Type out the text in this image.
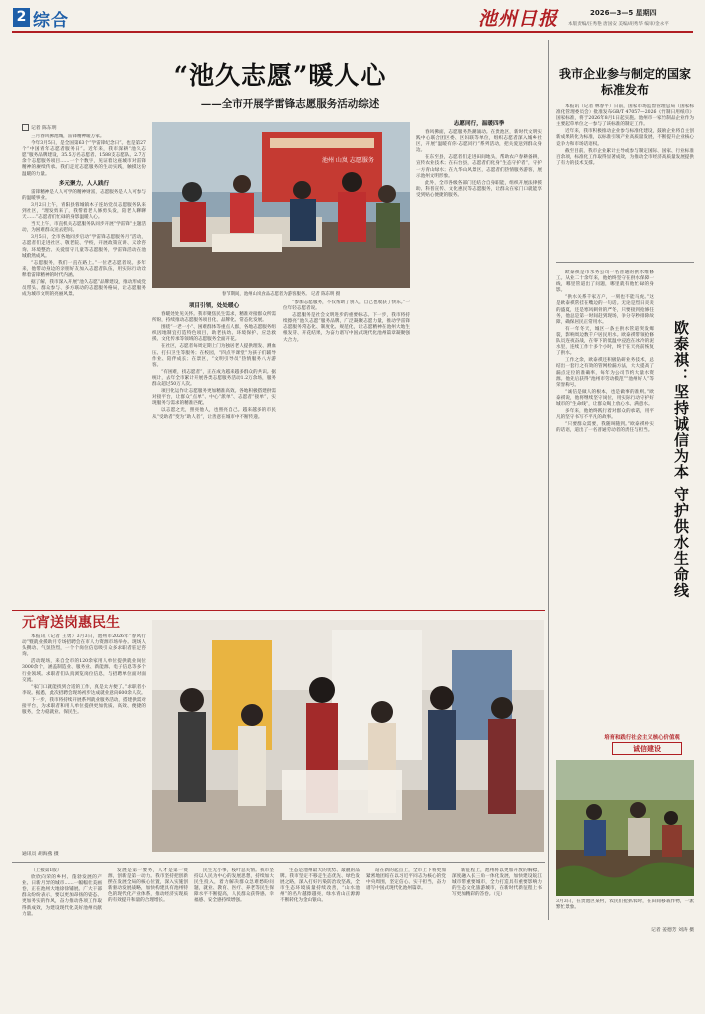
2 综合	池州日报	2026—3—5 星期四
本版责编/汪秀艳 唐国安 美编/胡秀华 编审/金永平
“池久志愿”暖人心
——全市开展学雷锋志愿服务活动综述
记者 陈东明

三月春风拂池城，雷锋精神暖万家。

今年3月5日，是全国第63个“学雷锋纪念日”。也是第27个“中国青年志愿者服务日”。近年来，我市深耕“池久志愿”服务品牌建设，35.5万名志愿者、1588支志愿队、2.7万余个志愿服务项目……一个个数字，见证着这座城市对雷锋精神的赓续传承。我们走近志愿服务的生动实践，触摸这份温暖的力量。

多元聚力，人人践行

雷锋精神是人人可学的精神财富，志愿服务是人人可参与的温暖事业。

3月2日上午，青阳县蓉城镇木子连坊党员志愿服务队来到社区，“理发剪来了，我帮着老人修剪头发，陪老人聊聊天……”志愿者们忙碌的身影温暖人心。

当天上午，市直机关志愿服务队同步开展“学雷锋”主题活动，为困难群众送去慰问。

3月5日，全市各地同步启动“学雷锋志愿服务月”活动，志愿者们走进社区、敬老院、学校，开展政策宣讲、义诊咨询、环境整治、关爱留守儿童等志愿服务，学雷锋活动在池城蔚然成风。

“志愿服务，我们一直在路上。”一位老志愿者说。多年来，他带动身边的亲朋好友加入志愿者队伍，用实际行动诠释着雷锋精神的时代内涵。

据了解，我市深入开展“池久志愿”品牌建设，推动形成党员带头、群众参与、多方联动的志愿服务格局，让志愿服务成为城市文明的亮丽风景。

池州 山岚 志愿服务
春节期间，池州山岚食品志愿者为游客服务。 记者 陈东明 摄
项目引领，处处暖心

春暖处处见关怀。我市聚焦民生需求，精准对接群众所需所盼，持续推动志愿服务项目化、品牌化、常态化发展。

围绕“一老一小”、困难群体等重点人群，各地志愿服务组织因地制宜打造特色项目，助老扶幼、环境保护、应急救援、文化传承等领域的志愿服务全面开花。

在社区，志愿者每周定期上门为独居老人提供理发、测血压、打扫卫生等服务；在校园，“四点半课堂”为孩子们辅导作业、陪伴成长；在景区，“文明引导员”热情服务八方游客。

“有困难，找志愿者”，正在成为越来越多群众的共识。据统计，去年全市累计开展各类志愿服务活动1.2万余场，服务群众超过50万人次。

项目化运作让志愿服务更加精准高效。各地积极搭建供需对接平台，让群众“点单”、中心“派单”、志愿者“接单”，实现服务与需求的精准匹配。

以志愿之光，照亮他人，也照亮自己。越来越多的市民从“受助者”变为“助人者”，让善意在城市中不断传递。

“参加志愿服务，不仅帮助了别人，自己也收获了快乐。”一位年轻志愿者说。

志愿服务是社会文明进步的重要标志。下一步，我市将持续擦亮“池久志愿”服务品牌，广泛凝聚志愿力量，推动学雷锋志愿服务常态化、制度化、规范化，让志愿精神在池州大地生根发芽、开花结果，为奋力谱写中国式现代化池州篇章凝聚强大合力。

志愿同行，温暖四季

春风拂面，志愿服务热潮涌动。在贵池区，新时代文明实践中心联合团区委、区妇联等单位，组织志愿者深入城乡社区，开展“温暖有你·志愿同行”系列活动，把关爱送到群众身边。

在东至县，志愿者们走进田间地头，帮助农户春耕备耕，宣传农业技术；在石台县，志愿者们化身“生态守护者”，守护一方青山绿水；在九华山风景区，志愿者们热情服务游客，展示池州文明形象。

此外，全市各级各部门还结合自身职能，组织开展法律援助、科普宣传、文化惠民等志愿服务，让群众在家门口就能享受到贴心便捷的服务。

我市企业参与制定的国家标准发布

本报讯（记者 林春平）日前，国家市场监督管理总局（国家标准化管理委员会）批准发布GB/T 47057—2026《竹制日用纸巾》国家标准，将于2026年8月1日起实施。池州市一家竹制品企业作为主要起草单位之一参与了该标准的制定工作。

近年来，我市积极推动企业参与标准化建设，鼓励企业将自主创新成果转化为标准，以标准引领产业高质量发展，不断提升企业核心竞争力和市场话语权。

截至目前，我市企业累计主导或参与制定国际、国家、行业标准百余项，标准化工作取得显著成效，为推动全市经济高质量发展提供了有力的技术支撑。

欧泰祺是市水务公司一名普通的供水维修工。从业二十余年来，他始终坚守在供水保障一线，哪里管道出了问题，哪里就有他忙碌的身影。

“供水关系千家万户，一刻也不能马虎。”这是欧泰祺常挂在嘴边的一句话。无论是烈日炎炎的盛夏，还是寒风刺骨的严冬，只要接到抢修任务，他总是第一时间赶到现场，争分夺秒排除故障，确保居民正常用水。

有一年冬天，城区一条主供水管道突发爆裂，影响周边数千户居民用水。欧泰祺带领抢修队员连夜奋战，在零下的低温中浸泡在冰冷的泥水里，连续工作十多个小时，终于在天亮前恢复了供水。

工作之余，欧泰祺还积极钻研业务技术，总结出一套行之有效的管网检漏方法，大大提高了漏点定位的准确率，每年为公司节约大量水资源。他先后获得“池州市劳动模范”“池州好人”等荣誉称号。

“诚信是做人的根本，也是做事的准则。”欧泰祺说，他将继续坚守岗位，用实际行动守护好城市的“生命线”，让群众喝上放心水、满意水。

多年来，他始终践行着对群众的承诺，用平凡的坚守书写不平凡的故事。

“只要群众需要，我随叫随到。”欧泰祺朴实的话语，道出了一名普通劳动者的责任与担当。	欧泰祺：坚持诚信为本 守护供水生命线
培育和践行社会主义核心价值观
诚信建设
3月3日，在贵池区某村，农民们抢抓农时，在田间移栽作物，一派繁忙景象。
记者 姜德芳 刘涛 摄
元宵送岗惠民生

本报讯（记者 王勇）3月3日，池州市2026年“春风行动”暨就业援助月专场招聘会在市人力资源市场举办。现场人头攒动、气氛热烈，一个个岗位信息吸引众多求职者驻足咨询。

活动现场，来自全市的120余家用人单位提供就业岗位3000余个，涵盖制造业、服务业、新能源、电子信息等多个行业领域。求职者们认真浏览岗位信息，与招聘单位面对面交流。

“家门口就能找到合适的工作，真是太方便了。”求职者小李说。据悉，此次招聘会现场初步达成就业意向600余人次。

下一步，我市将持续开展系列就业服务活动，搭建供需对接平台，为求职者和用人单位提供更加优质、高效、便捷的服务，全力稳就业、保民生。

通讯员 胡海燕 摄

（上接第1版）

欣欣向荣的乡村、蓬勃发展的产业、日新月异的城市……一幅幅壮美画卷，正在池州大地徐徐铺展。广大干部群众纷纷表示，要以更加昂扬的姿态、更加务实的作风，奋力推动各项工作取得新成效，为建设现代化美好池州贡献力量。

发展是第一要务，人才是第一资源，创新是第一动力。我市坚持把创新摆在发展全局的核心位置，深入实施创新驱动发展战略，加快构建具有池州特色的现代化产业体系，推动经济实现质的有效提升和量的合理增长。

民生无小事，枝叶总关情。我市坚持以人民为中心的发展思想，持续加大民生投入，着力解决群众急难愁盼问题，就业、教育、医疗、养老等民生保障水平不断提高，人民群众获得感、幸福感、安全感持续增强。

生态是池州最大的优势、最靓的品牌。我市坚定不移走生态优先、绿色发展之路，深入打好污染防治攻坚战，全市生态环境质量持续改善，“山水池州”的名片越擦越亮，绿水青山正源源不断转化为金山银山。

站在新的起点上，全市上下将更加紧密地团结在以习近平同志为核心的党中央周围，坚定信心、实干担当，奋力谱写中国式现代化池州篇章。

新征程上，池州将以更加开放的胸襟，深度融入长三角一体化发展，加快建设皖江城市带重要城市，全力打造具有重要影响力的生态文化旅游城市，在新时代新征程上书写更加精彩的答卷。（完）
